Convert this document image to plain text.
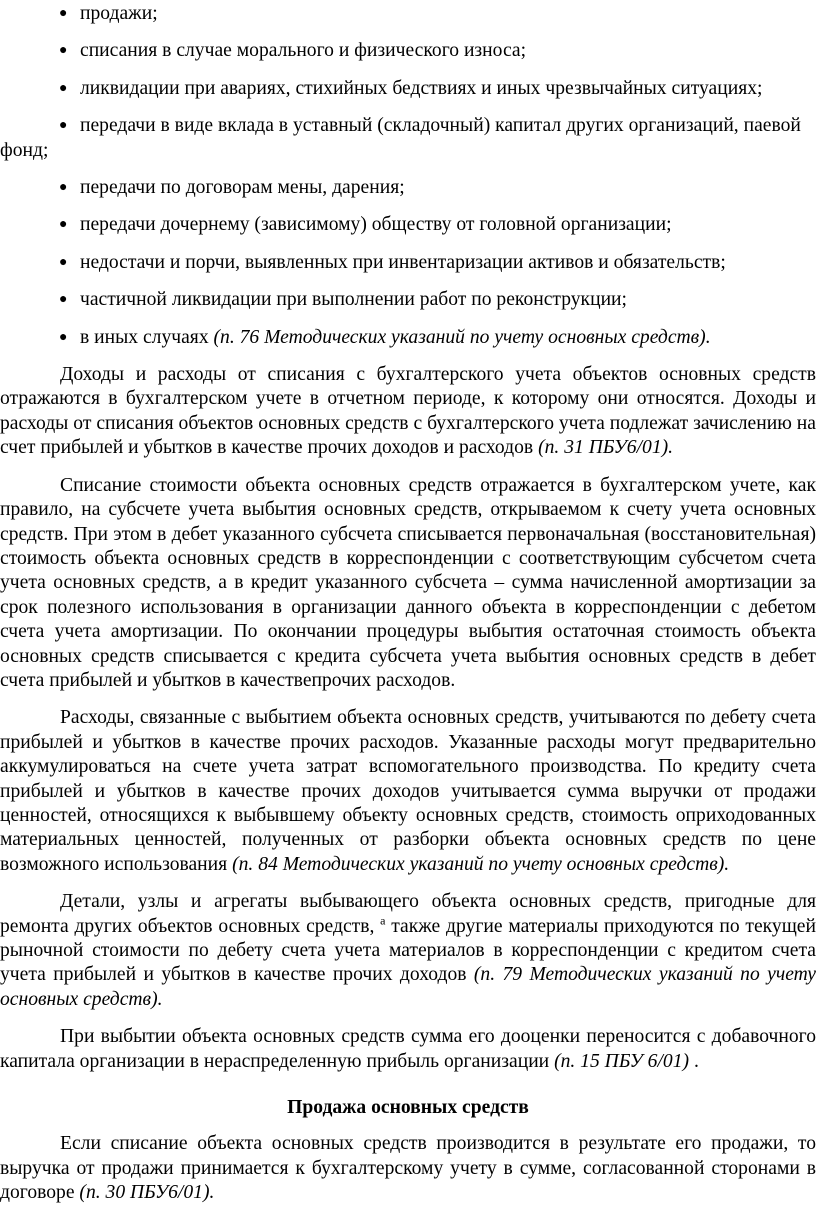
● продажи;
● списания в случае морального и физического износа;
● ликвидации при авариях, стихийных бедствиях и иных чрезвычайных ситуациях;
● передачи в виде вклада в уставный (складочный) капитал других организаций, паевой
фонд;
● передачи по договорам мены, дарения;
● передачи дочернему (зависимому) обществу от головной организации;
● недостачи и порчи, выявленных при инвентаризации активов и обязательств;
● частичной ликвидации при выполнении работ по реконструкции;
● в иных случаях (п. 76 Методических указаний по учету основных средств).

Доходы и расходы от списания с бухгалтерского учета объектов основных средств отражаются в бухгалтерском учете в отчетном периоде, к которому они относятся. Доходы и расходы от списания объектов основных средств с бухгалтерского учета подлежат зачислению на счет прибылей и убытков в качестве прочих доходов и расходов (п. 31 ПБУ6/01).

Списание стоимости объекта основных средств отражается в бухгалтерском учете, как правило, на субсчете учета выбытия основных средств, открываемом к счету учета основных средств. При этом в дебет указанного субсчета списывается первоначальная (восстановительная) стоимость объекта основных средств в корреспонденции с соответствующим субсчетом счета учета основных средств, а в кредит указанного субсчета – сумма начисленной амортизации за срок полезного использования в организации данного объекта в корреспонденции с дебетом счета учета амортизации. По окончании процедуры выбытия остаточная стоимость объекта основных средств списывается с кредита субсчета учета выбытия основных средств в дебет счета прибылей и убытков в качествепрочих расходов.

Расходы, связанные с выбытием объекта основных средств, учитываются по дебету счета прибылей и убытков в качестве прочих расходов. Указанные расходы могут предварительно аккумулироваться на счете учета затрат вспомогательного производства. По кредиту счета прибылей и убытков в качестве прочих доходов учитывается сумма выручки от продажи ценностей, относящихся к выбывшему объекту основных средств, стоимость оприходованных материальных ценностей, полученных от разборки объекта основных средств по цене возможного использования (п. 84 Методических указаний по учету основных средств).

Детали, узлы и агрегаты выбывающего объекта основных средств, пригодные для ремонта других объектов основных средств, $^а$ также другие материалы приходуются по текущей рыночной стоимости по дебету счета учета материалов в корреспонденции с кредитом счета учета прибылей и убытков в качестве прочих доходов (п. 79 Методических указаний по учету основных средств).

При выбытии объекта основных средств сумма его дооценки переносится с добавочного капитала организации в нераспределенную прибыль организации (п. 15 ПБУ 6/01) .

Продажа основных средств

Если списание объекта основных средств производится в результате его продажи, то выручка от продажи принимается к бухгалтерскому учету в сумме, согласованной сторонами в договоре (п. 30 ПБУ6/01).
